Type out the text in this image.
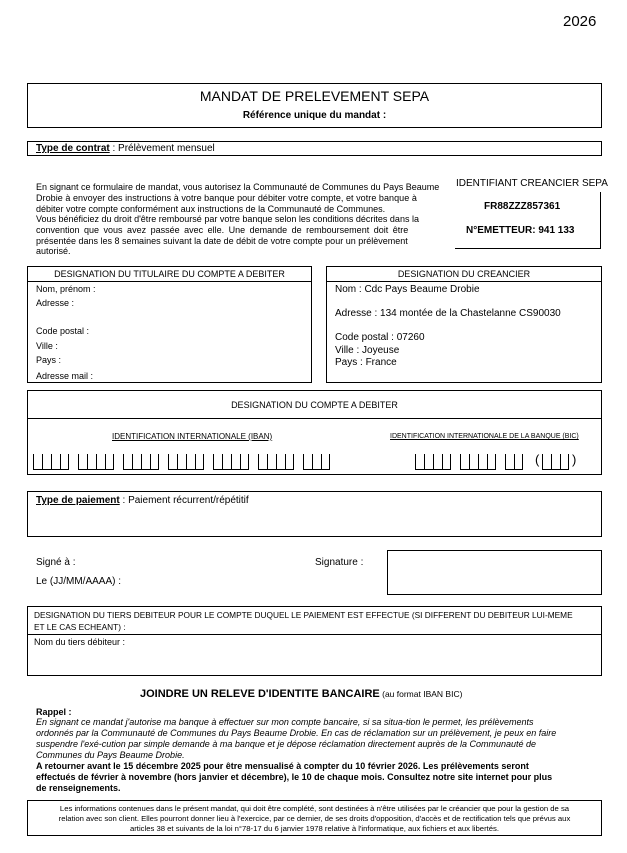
2026
MANDAT DE PRELEVEMENT SEPA
Référence unique du mandat :
Type de contrat : Prélèvement mensuel
En signant ce formulaire de mandat, vous autorisez la Communauté de Communes du Pays Beaume
Drobie à envoyer des instructions à votre banque pour débiter votre compte, et votre banque à
débiter votre compte conformément aux instructions de la Communauté de Communes.
Vous bénéficiez du droit d'être remboursé par votre banque selon les conditions décrites dans la
convention que vous avez passée avec elle. Une demande de remboursement doit être
présentée dans les 8 semaines suivant la date de débit de votre compte pour un prélèvement
autorisé.
IDENTIFIANT CREANCIER SEPA
FR88ZZZ857361
N°EMETTEUR: 941 133
DESIGNATION DU TITULAIRE DU COMPTE A DEBITER
Nom, prénom :
Adresse :
Code postal :
Ville :
Pays :
Adresse mail :
DESIGNATION DU CREANCIER
Nom : Cdc Pays Beaume Drobie
Adresse : 134 montée de la Chastelanne CS90030
Code postal : 07260
Ville : Joyeuse
Pays : France
DESIGNATION DU COMPTE A DEBITER
IDENTIFICATION INTERNATIONALE (IBAN)	IDENTIFICATION INTERNATIONALE DE LA BANQUE (BIC)
(	)
Type de paiement : Paiement récurrent/répétitif
Signé à :
Le (JJ/MM/AAAA) :
Signature :
DESIGNATION DU TIERS DEBITEUR POUR LE COMPTE DUQUEL LE PAIEMENT EST EFFECTUE (SI DIFFERENT DU DEBITEUR LUI-MEME
ET LE CAS ECHEANT) :
Nom du tiers débiteur :
JOINDRE UN RELEVE D'IDENTITE BANCAIRE (au format IBAN BIC)
Rappel :
En signant ce mandat j'autorise ma banque à effectuer sur mon compte bancaire, si sa situa-tion le permet, les prélèvements
ordonnés par la Communauté de Communes du Pays Beaume Drobie. En cas de réclamation sur un prélèvement, je peux en faire
suspendre l'exé-cution par simple demande à ma banque et je dépose réclamation directement auprès de la Communauté de
Communes du Pays Beaume Drobie.
A retourner avant le 15 décembre 2025 pour être mensualisé à compter du 10 février 2026. Les prélèvements seront
effectués de février à novembre (hors janvier et décembre), le 10 de chaque mois. Consultez notre site internet pour plus
de renseignements.
Les informations contenues dans le présent mandat, qui doit être complété, sont destinées à n'être utilisées par le créancier que pour la gestion de sa
relation avec son client. Elles pourront donner lieu à l'exercice, par ce dernier, de ses droits d'opposition, d'accès et de rectification tels que prévus aux
articles 38 et suivants de la loi n°78-17 du 6 janvier 1978 relative à l'informatique, aux fichiers et aux libertés.
